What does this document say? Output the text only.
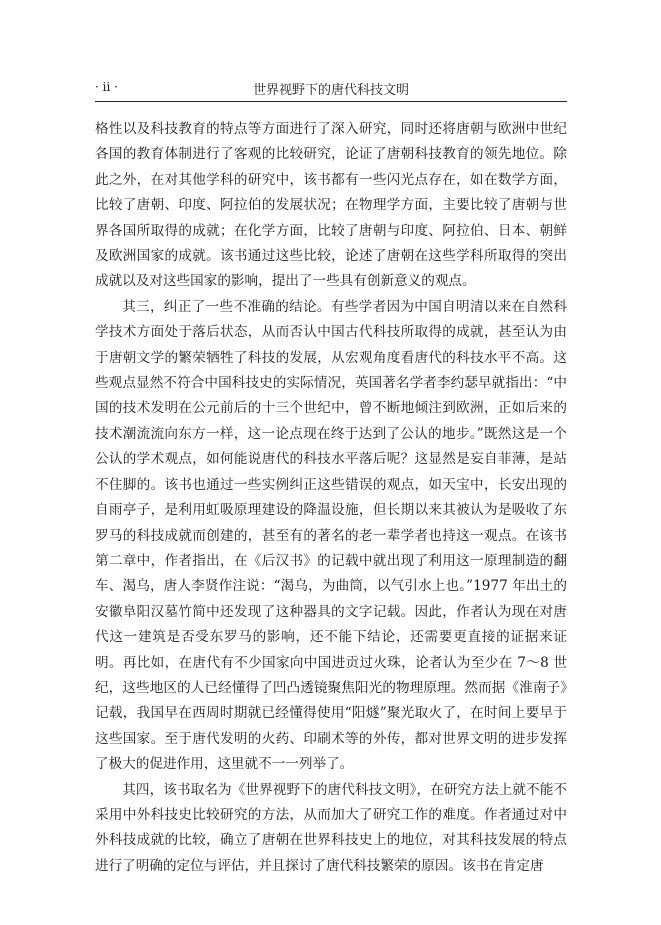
· ii ·	世界视野下的唐代科技文明

格性以及科技教育的特点等方面进行了深入研究，同时还将唐朝与欧洲中世纪各国的教育体制进行了客观的比较研究，论证了唐朝科技教育的领先地位。除此之外，在对其他学科的研究中，该书都有一些闪光点存在，如在数学方面，比较了唐朝、印度、阿拉伯的发展状况；在物理学方面，主要比较了唐朝与世界各国所取得的成就；在化学方面，比较了唐朝与印度、阿拉伯、日本、朝鲜及欧洲国家的成就。该书通过这些比较，论述了唐朝在这些学科所取得的突出成就以及对这些国家的影响，提出了一些具有创新意义的观点。

其三，纠正了一些不准确的结论。有些学者因为中国自明清以来在自然科学技术方面处于落后状态，从而否认中国古代科技所取得的成就，甚至认为由于唐朝文学的繁荣牺牲了科技的发展，从宏观角度看唐代的科技水平不高。这些观点显然不符合中国科技史的实际情况，英国著名学者李约瑟早就指出：“中国的技术发明在公元前后的十三个世纪中，曾不断地倾注到欧洲，正如后来的技术潮流流向东方一样，这一论点现在终于达到了公认的地步。”既然这是一个公认的学术观点，如何能说唐代的科技水平落后呢？这显然是妄自菲薄，是站不住脚的。该书也通过一些实例纠正这些错误的观点，如天宝中，长安出现的自雨亭子，是利用虹吸原理建设的降温设施，但长期以来其被认为是吸收了东罗马的科技成就而创建的，甚至有的著名的老一辈学者也持这一观点。在该书第二章中，作者指出，在《后汉书》的记载中就出现了利用这一原理制造的翻车、渴乌，唐人李贤作注说：“渴乌，为曲筒，以气引水上也。”1977 年出土的安徽阜阳汉墓竹简中还发现了这种器具的文字记载。因此，作者认为现在对唐代这一建筑是否受东罗马的影响，还不能下结论，还需要更直接的证据来证明。再比如，在唐代有不少国家向中国进贡过火珠，论者认为至少在 7～8 世纪，这些地区的人已经懂得了凹凸透镜聚焦阳光的物理原理。然而据《淮南子》记载，我国早在西周时期就已经懂得使用“阳燧”聚光取火了，在时间上要早于这些国家。至于唐代发明的火药、印刷术等的外传，都对世界文明的进步发挥了极大的促进作用，这里就不一一列举了。

其四，该书取名为《世界视野下的唐代科技文明》，在研究方法上就不能不采用中外科技史比较研究的方法，从而加大了研究工作的难度。作者通过对中外科技成就的比较，确立了唐朝在世界科技史上的地位，对其科技发展的特点进行了明确的定位与评估，并且探讨了唐代科技繁荣的原因。该书在肯定唐
